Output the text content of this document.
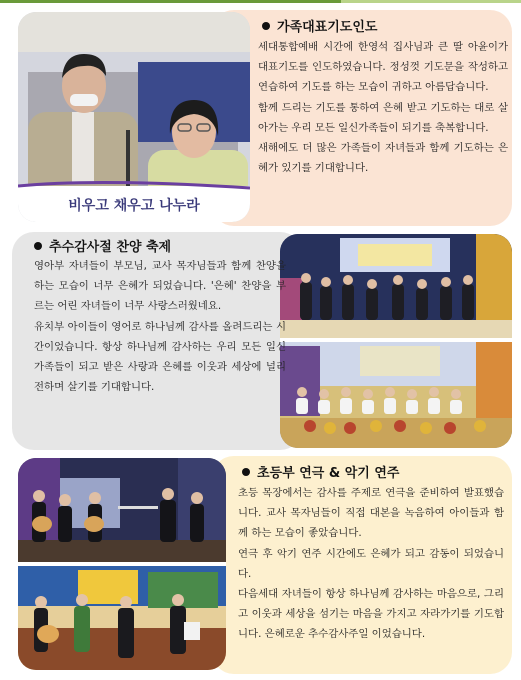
비우고 채우고 나누라
가족대표기도인도

세대통합예배 시간에 한영석 집사님과 큰 딸 아윤이가 대표기도를 인도하였습니다. 정성껏 기도문을 작성하고 연습하여 기도를 하는 모습이 귀하고 아름답습니다.

함께 드리는 기도를 통하여 은혜 받고 기도하는 대로 살아가는 우리 모든 일신가족들이 되기를 축복합니다.

새해에도 더 많은 가족들이 자녀들과 함께 기도하는 은혜가 있기를 기대합니다.

추수감사절 찬양 축제

영아부 자녀들이 부모님, 교사 목자님들과 함께 찬양을 하는 모습이 너무 은혜가 되었습니다. '은혜' 찬양을 부르는 어린 자녀들이 너무 사랑스러웠네요.

유치부 아이들이 영어로 하나님께 감사를 올려드리는 시간이었습니다. 항상 하나님께 감사하는 우리 모든 일신가족들이 되고 받은 사랑과 은혜를 이웃과 세상에 널리 전하며 살기를 기대합니다.

초등부 연극 & 악기 연주

초등 목장에서는 감사를 주제로 연극을 준비하여 발표했습니다. 교사 목자님들이 직접 대본을 녹음하여 아이들과 함께 하는 모습이 좋았습니다.

연극 후 악기 연주 시간에도 은혜가 되고 감동이 되었습니다.

다음세대 자녀들이 항상 하나님께 감사하는 마음으로, 그리고 이웃과 세상을 섬기는 마음을 가지고 자라가기를 기도합니다. 은혜로운 추수감사주일 이었습니다.
